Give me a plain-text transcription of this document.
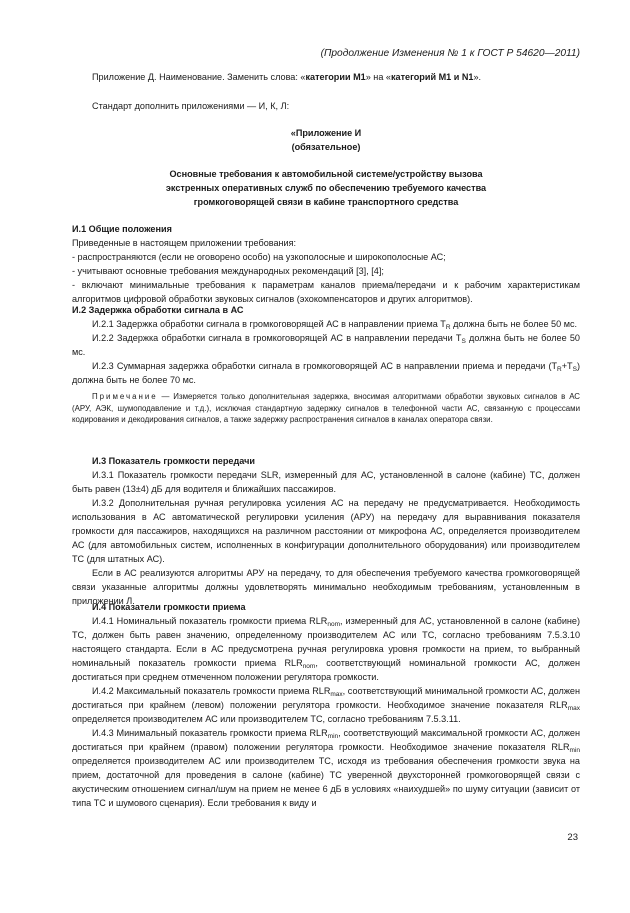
(Продолжение Изменения № 1 к ГОСТ Р 54620—2011)

Приложение Д. Наименование. Заменить слова: «категории М1» на «категорий М1 и N1».

Стандарт дополнить приложениями — И, К, Л:

«Приложение И
(обязательное)
Основные требования к автомобильной системе/устройству вызова
экстренных оперативных служб по обеспечению требуемого качества
громкоговорящей связи в кабине транспортного средства
И.1 Общие положения
Приведенные в настоящем приложении требования:
- распространяются (если не оговорено особо) на узкополосные и широкополосные АС;
- учитывают основные требования международных рекомендаций [3], [4];
- включают минимальные требования к параметрам каналов приема/передачи и к рабочим характеристикам алгоритмов цифровой обработки звуковых сигналов (эхокомпенсаторов и других алгоритмов).
И.2 Задержка обработки сигнала в АС

И.2.1 Задержка обработки сигнала в громкоговорящей АС в направлении приема $Т_R$ должна быть не более 50 мс.

И.2.2 Задержка обработки сигнала в громкоговорящей АС в направлении передачи $Т_S$ должна быть не более 50 мс.

И.2.3 Суммарная задержка обработки сигнала в громкоговорящей АС в направлении приема и передачи $(Т_R+Т_S)$ должна быть не более 70 мс.

Примечание — Измеряется только дополнительная задержка, вносимая алгоритмами обработки звуковых сигналов в АС (АРУ, АЭК, шумоподавление и т.д.), исключая стандартную задержку сигналов в телефонной части АС, связанную с процессами кодирования и декодирования сигналов, а также задержку распространения сигналов в каналах оператора связи.

И.3 Показатель громкости передачи

И.3.1 Показатель громкости передачи SLR, измеренный для АС, установленной в салоне (кабине) ТС, должен быть равен (13±4) дБ для водителя и ближайших пассажиров.

И.3.2 Дополнительная ручная регулировка усиления АС на передачу не предусматривается. Необходимость использования в АС автоматической регулировки усиления (АРУ) на передачу для выравнивания показателя громкости для пассажиров, находящихся на различном расстоянии от микрофона АС, определяется производителем АС (для автомобильных систем, исполненных в конфигурации дополнительного оборудования) или производителем ТС (для штатных АС).

Если в АС реализуются алгоритмы АРУ на передачу, то для обеспечения требуемого качества громкоговорящей связи указанные алгоритмы должны удовлетворять минимально необходимым требованиям, установленным в приложении Л.

И.4 Показатели громкости приема

И.4.1 Номинальный показатель громкости приема $RLR_{nom}$, измеренный для АС, установленной в салоне (кабине) ТС, должен быть равен значению, определенному производителем АС или ТС, согласно требованиям 7.5.3.10 настоящего стандарта. Если в АС предусмотрена ручная регулировка уровня громкости на прием, то выбранный номинальный показатель громкости приема $RLR_{nom}$, соответствующий номинальной громкости АС, должен достигаться при среднем отмеченном положении регулятора громкости.

И.4.2 Максимальный показатель громкости приема $RLR_{max}$, соответствующий минимальной громкости АС, должен достигаться при крайнем (левом) положении регулятора громкости. Необходимое значение показателя $RLR_{max}$ определяется производителем АС или производителем ТС, согласно требованиям 7.5.3.11.

И.4.3 Минимальный показатель громкости приема $RLR_{min}$, соответствующий максимальной громкости АС, должен достигаться при крайнем (правом) положении регулятора громкости. Необходимое значение показателя $RLR_{min}$ определяется производителем АС или производителем ТС, исходя из требования обеспечения громкости звука на прием, достаточной для проведения в салоне (кабине) ТС уверенной двухсторонней громкоговорящей связи с акустическим отношением сигнал/шум на прием не менее 6 дБ в условиях «наихудшей» по шуму ситуации (зависит от типа ТС и шумового сценария). Если требования к виду и

23
